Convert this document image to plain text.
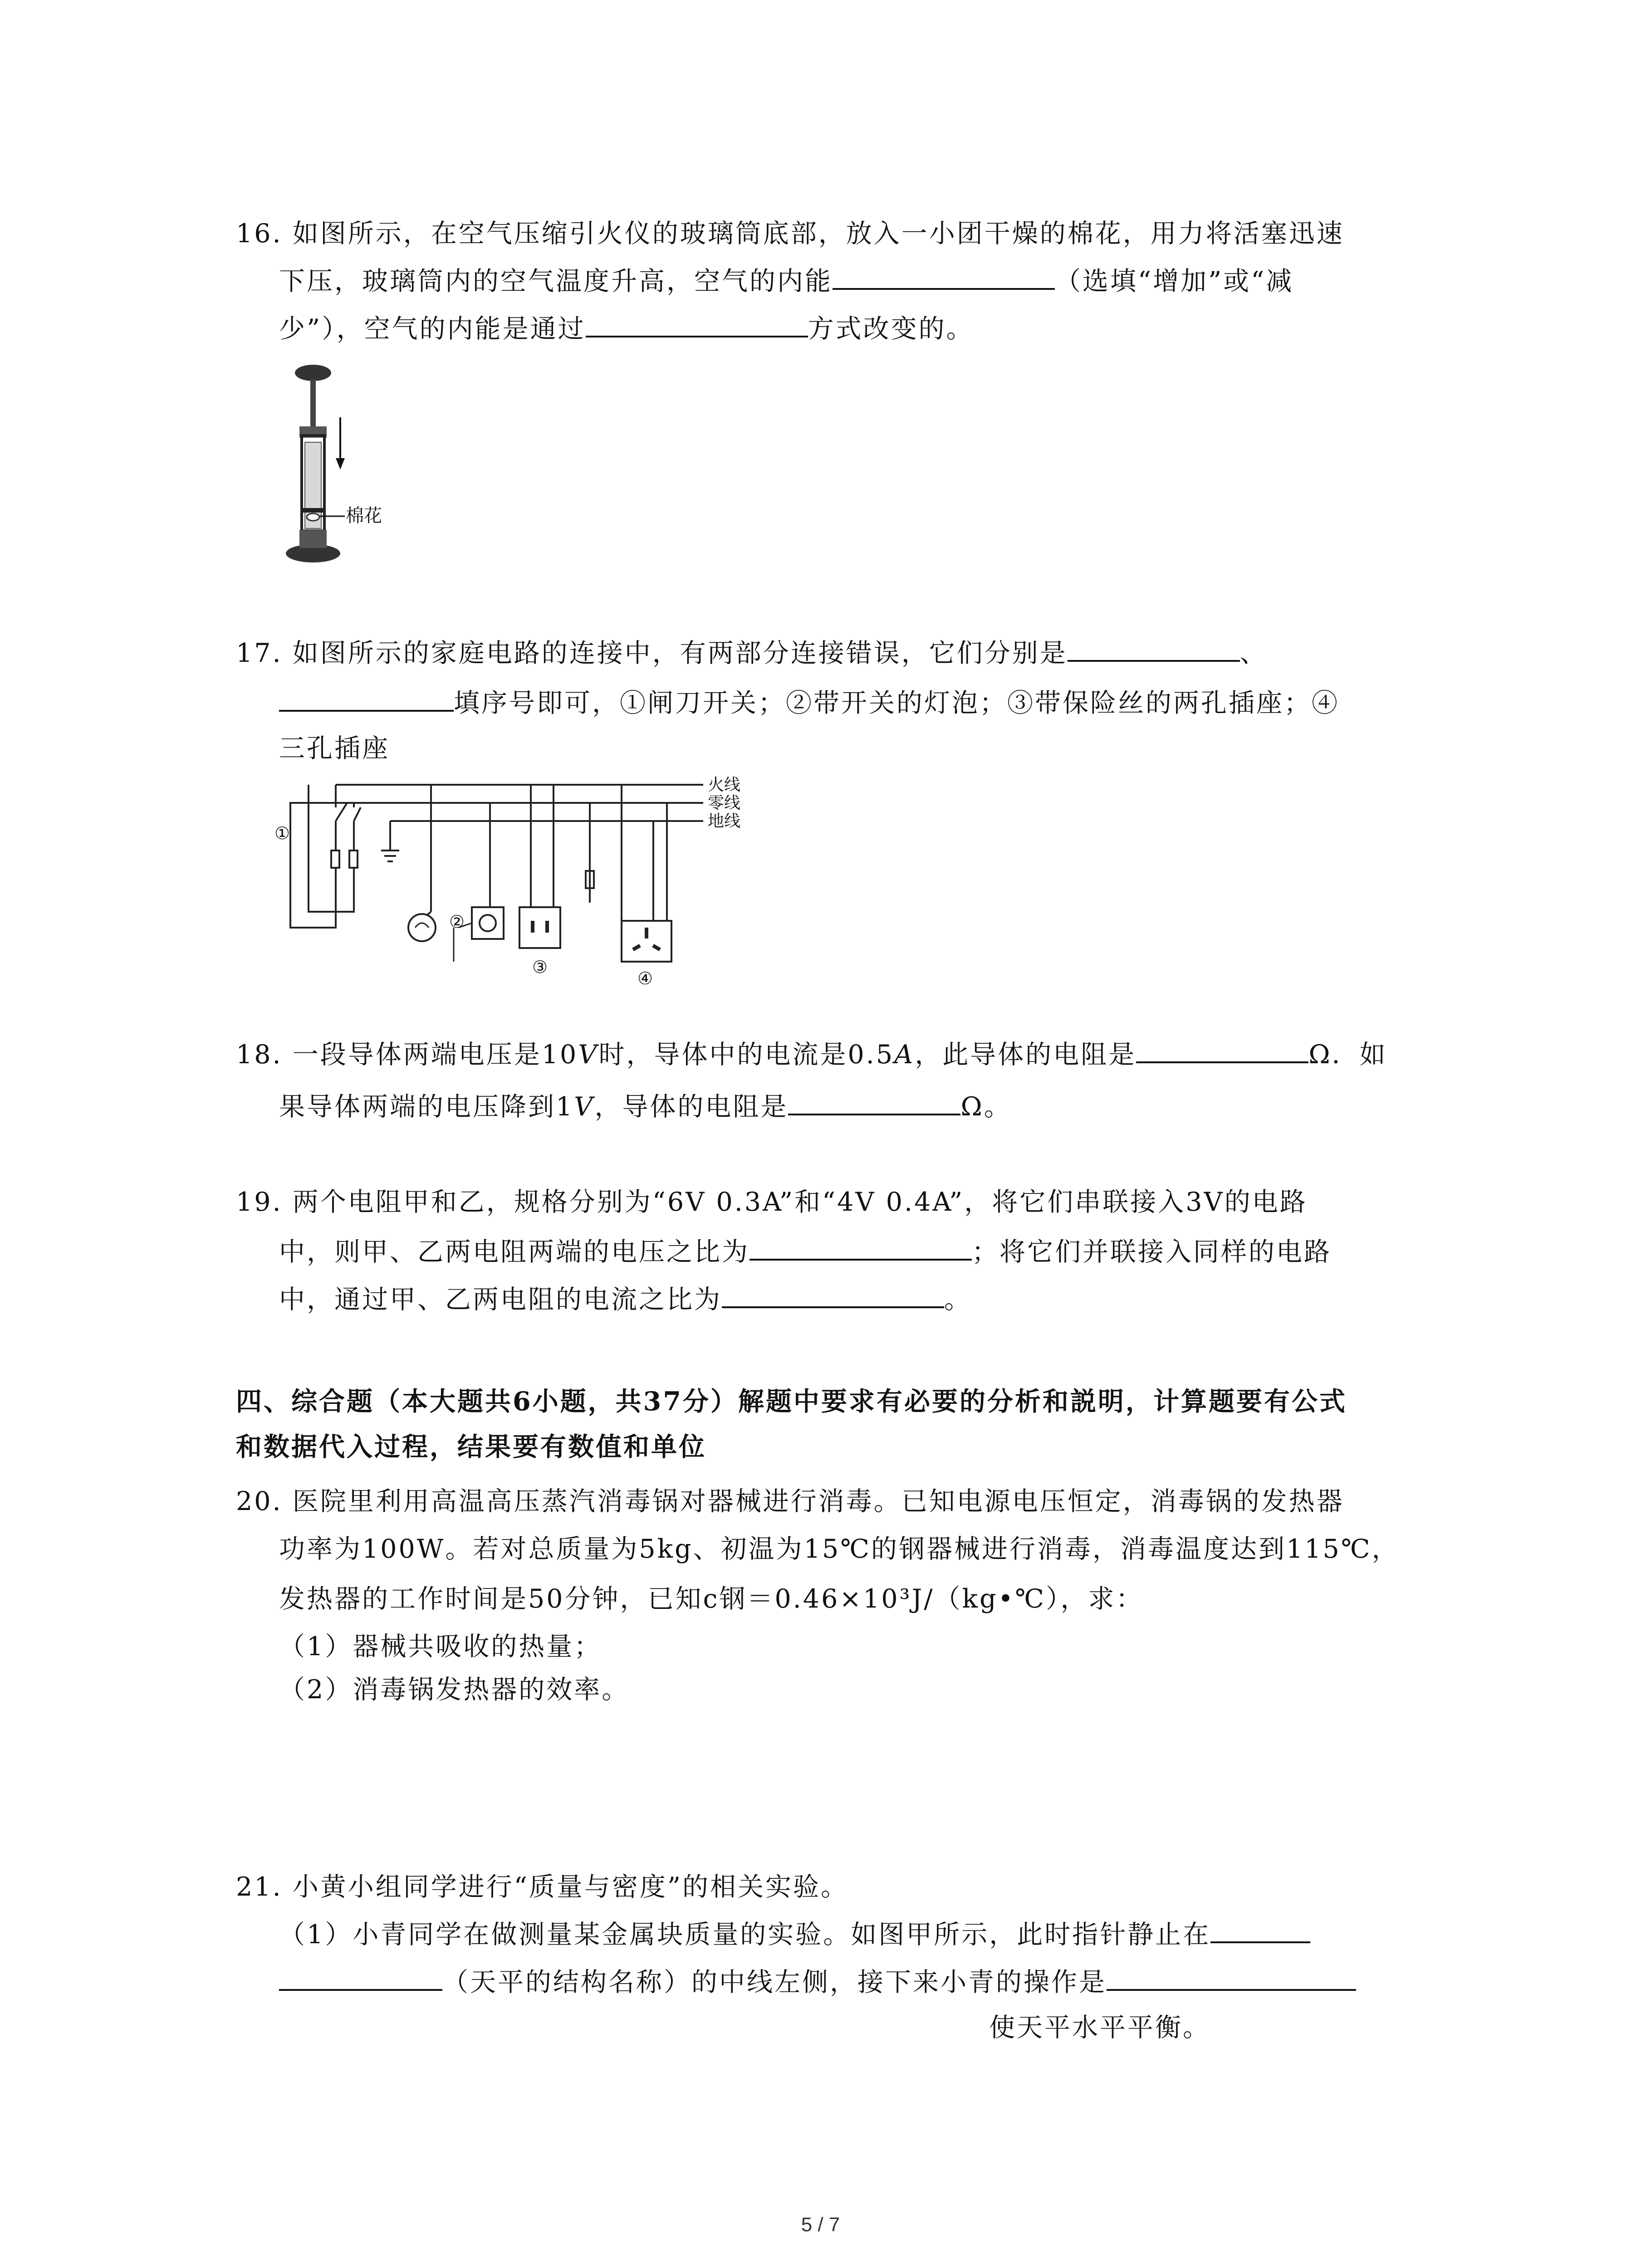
16. 如图所示，在空气压缩引火仪的玻璃筒底部，放入一小团干燥的棉花，用力将活塞迅速
下压，玻璃筒内的空气温度升高，空气的内能	（选填“增加”或“减
少”），空气的内能是通过	方式改变的。
棉花
17. 如图所示的家庭电路的连接中，有两部分连接错误，它们分别是	、
填序号即可，①闸刀开关；②带开关的灯泡；③带保险丝的两孔插座；④
三孔插座
②
③
④
①
火线
零线
地线
18. 一段导体两端电压是10V时，导体中的电流是0.5A，此导体的电阻是	Ω．如
果导体两端的电压降到1V，导体的电阻是	Ω。
19. 两个电阻甲和乙，规格分别为“6V 0.3A”和“4V 0.4A”，将它们串联接入3V的电路
中，则甲、乙两电阻两端的电压之比为	；将它们并联接入同样的电路
中，通过甲、乙两电阻的电流之比为	。
四、综合题（本大题共6小题，共37分）解题中要求有必要的分析和説明，计算题要有公式
和数据代入过程，结果要有数值和单位
20. 医院里利用高温高压蒸汽消毒锅对器械进行消毒。已知电源电压恒定，消毒锅的发热器
功率为100W。若对总质量为5kg、初温为15℃的钢器械进行消毒，消毒温度达到115℃，
发热器的工作时间是50分钟，已知c钢＝0.46×10³J/（kg•℃），求：
（1）器械共吸收的热量；
（2）消毒锅发热器的效率。
21. 小黄小组同学进行“质量与密度”的相关实验。
（1）小青同学在做测量某金属块质量的实验。如图甲所示，此时指针静止在
（天平的结构名称）的中线左侧，接下来小青的操作是
使天平水平平衡。
5 / 7
